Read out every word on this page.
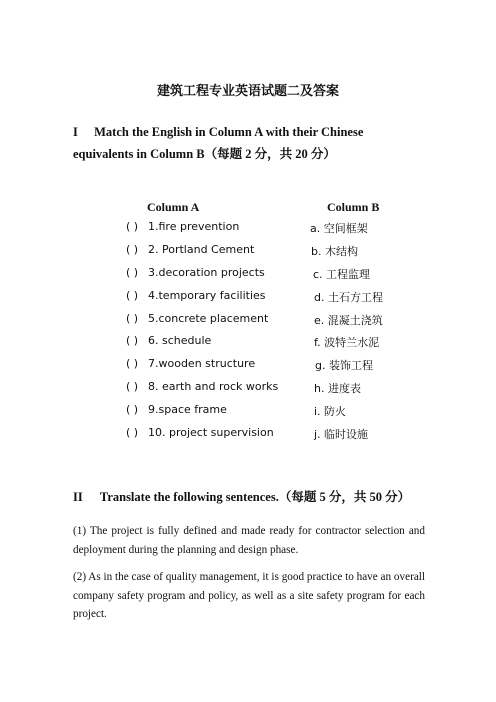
建筑工程专业英语试题二及答案
I Match the English in Column A with their Chinese equivalents in Column B（每题 2 分，共 20 分）
Column A	Column B
( ) 1.fire prevention	a. 空间框架
( ) 2. Portland Cement	b. 木结构
( ) 3.decoration projects	c. 工程监理
( ) 4.temporary facilities	d. 土石方工程
( ) 5.concrete placement	e. 混凝土浇筑
( ) 6. schedule	f. 波特兰水泥
( ) 7.wooden structure	g. 装饰工程
( ) 8. earth and rock works	h. 进度表
( ) 9.space frame	i. 防火
( ) 10. project supervision	j. 临时设施
II Translate the following sentences.（每题 5 分，共 50 分）
(1) The project is fully defined and made ready for contractor selection and deployment during the planning and design phase.
(2) As in the case of quality management, it is good practice to have an overall company safety program and policy, as well as a site safety program for each project.
